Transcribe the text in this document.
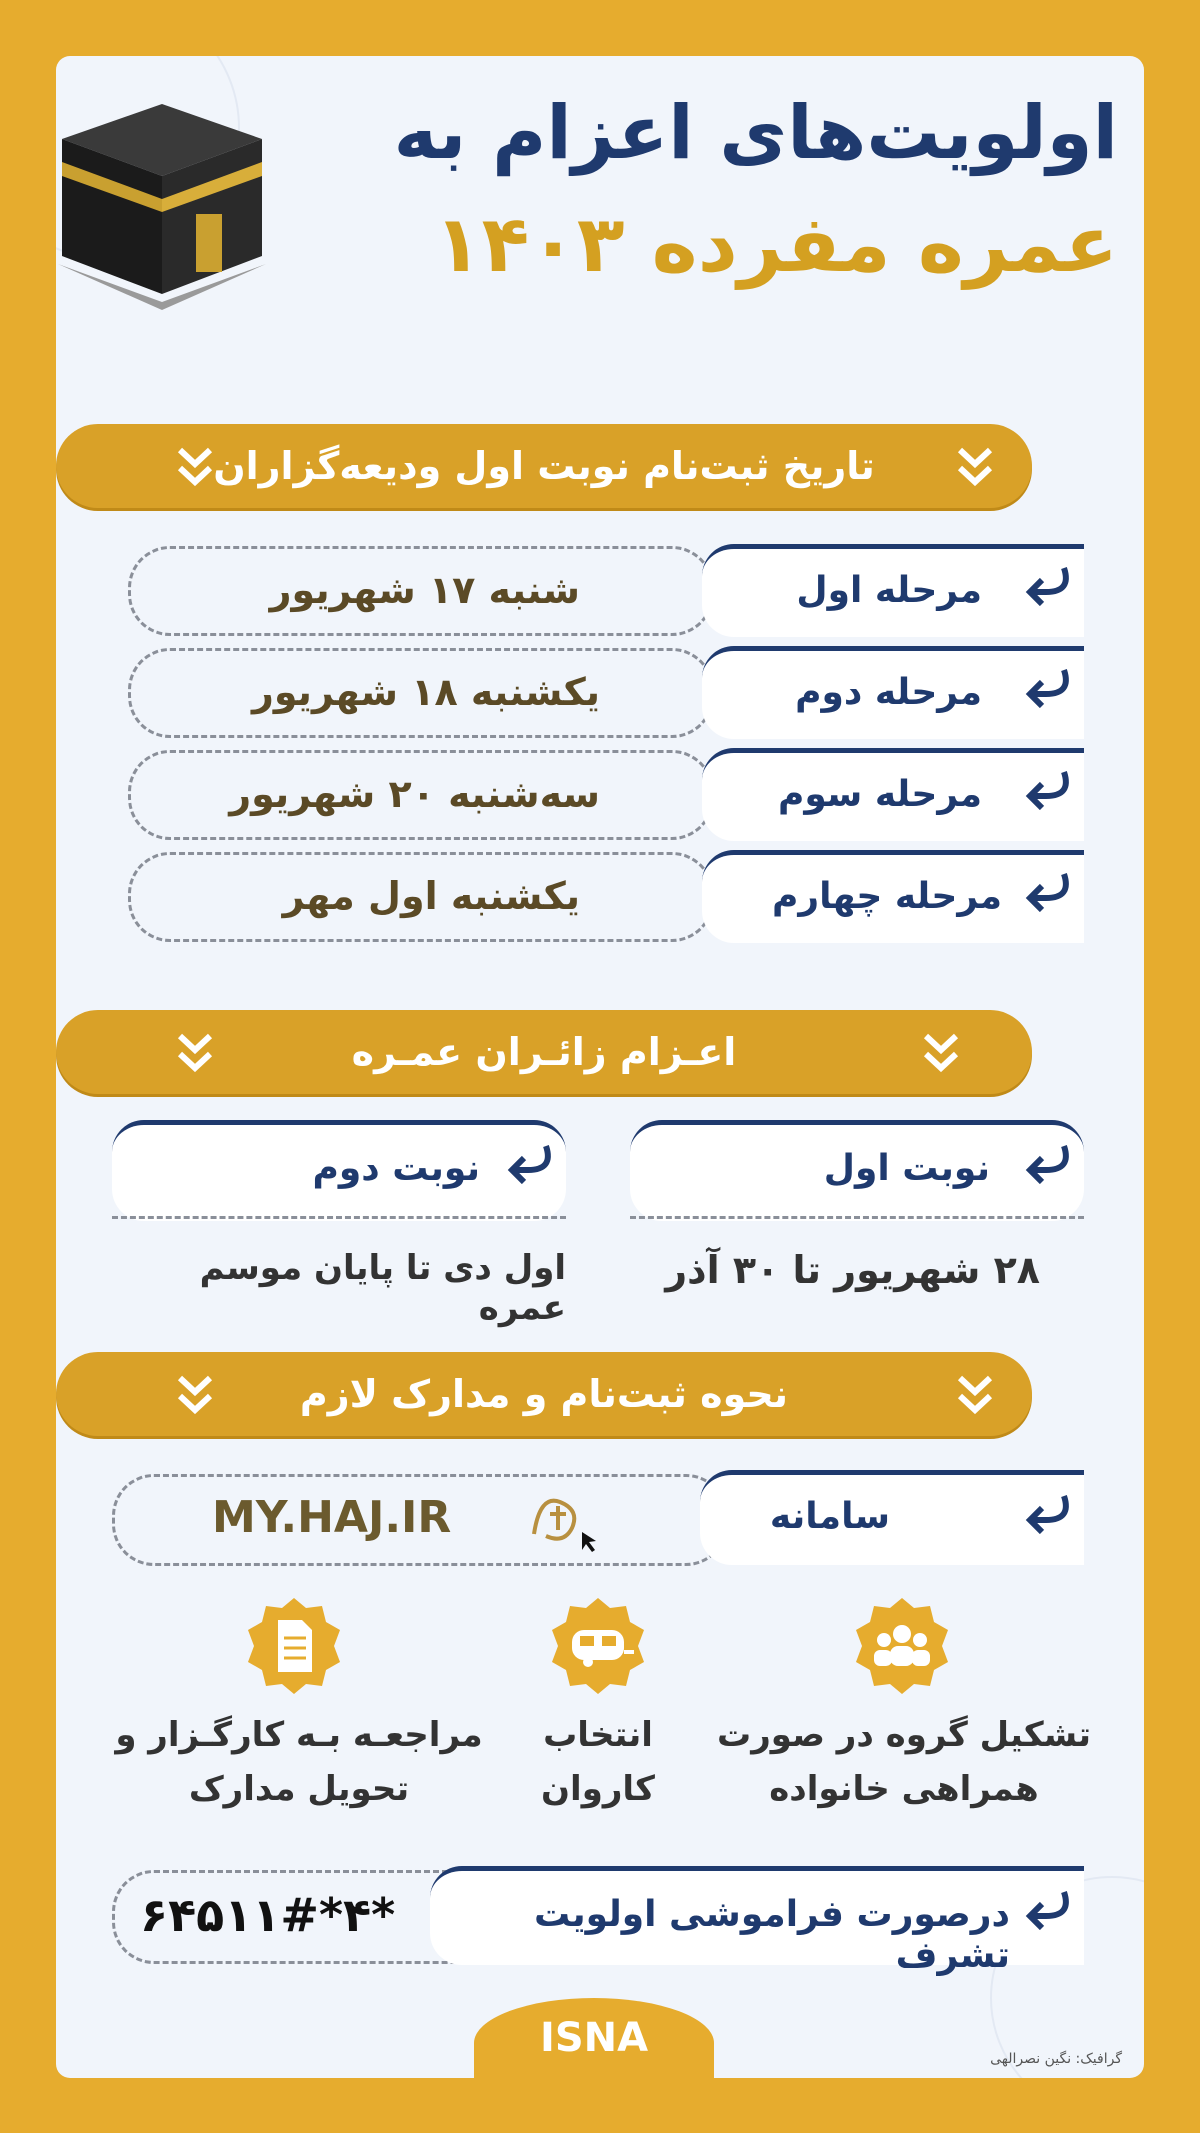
اولویت‌های اعزام به
عمره مفرده ۱۴۰۳
تاریخ ثبت‌نام نوبت اول ودیعه‌گزاران
شنبه ۱۷ شهریور	مرحله اول
یکشنبه ۱۸ شهریور	مرحله دوم
سه‌شنبه ۲۰ شهریور	مرحله سوم
یکشنبه اول مهر	مرحله چهارم
اعـزام زائـران عمـره
نوبت اول
۲۸ شهریور تا ۳۰ آذر
نوبت دوم
اول دی تا پایان موسم عمره
نحوه ثبت‌نام و مدارک لازم
MY.HAJ.IR	سامانه
تشکیل گروه در صورت
همراهی خانواده
انتخاب
کاروان
مراجعـه بـه کارگـزار و
تحویل مدارک
*۴*۶۴۵۱۱#	درصورت فراموشی اولویت تشرف
ISNA	گرافیک: نگین نصرالهی
